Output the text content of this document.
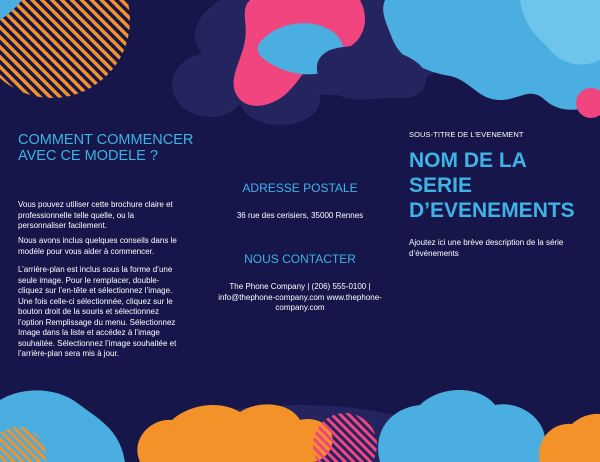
COMMENT COMMENCER AVEC CE MODELE ?

Vous pouvez utiliser cette brochure claire et professionnelle telle quelle, ou la personnaliser facilement.

Nous avons inclus quelques conseils dans le modèle pour vous aider à commencer.

L’arrière-plan est inclus sous la forme d’une seule image. Pour le remplacer, double-cliquez sur l’en-tête et sélectionnez l’image. Une fois celle-ci sélectionnée, cliquez sur le bouton droit de la souris et sélectionnez l’option Remplissage du menu. Sélectionnez Image dans la liste et accédez à l’image souhaitée. Sélectionnez l’image souhaitée et l’arrière-plan sera mis à jour.

ADRESSE POSTALE

36 rue des cerisiers, 35000 Rennes

NOUS CONTACTER

The Phone Company | (206) 555-0100 | info@thephone-company.com www.thephone-company.com

SOUS-TITRE DE L’EVENEMENT

NOM DE LA SERIE D’EVENEMENTS

Ajoutez ici une brève description de la série d’événements
